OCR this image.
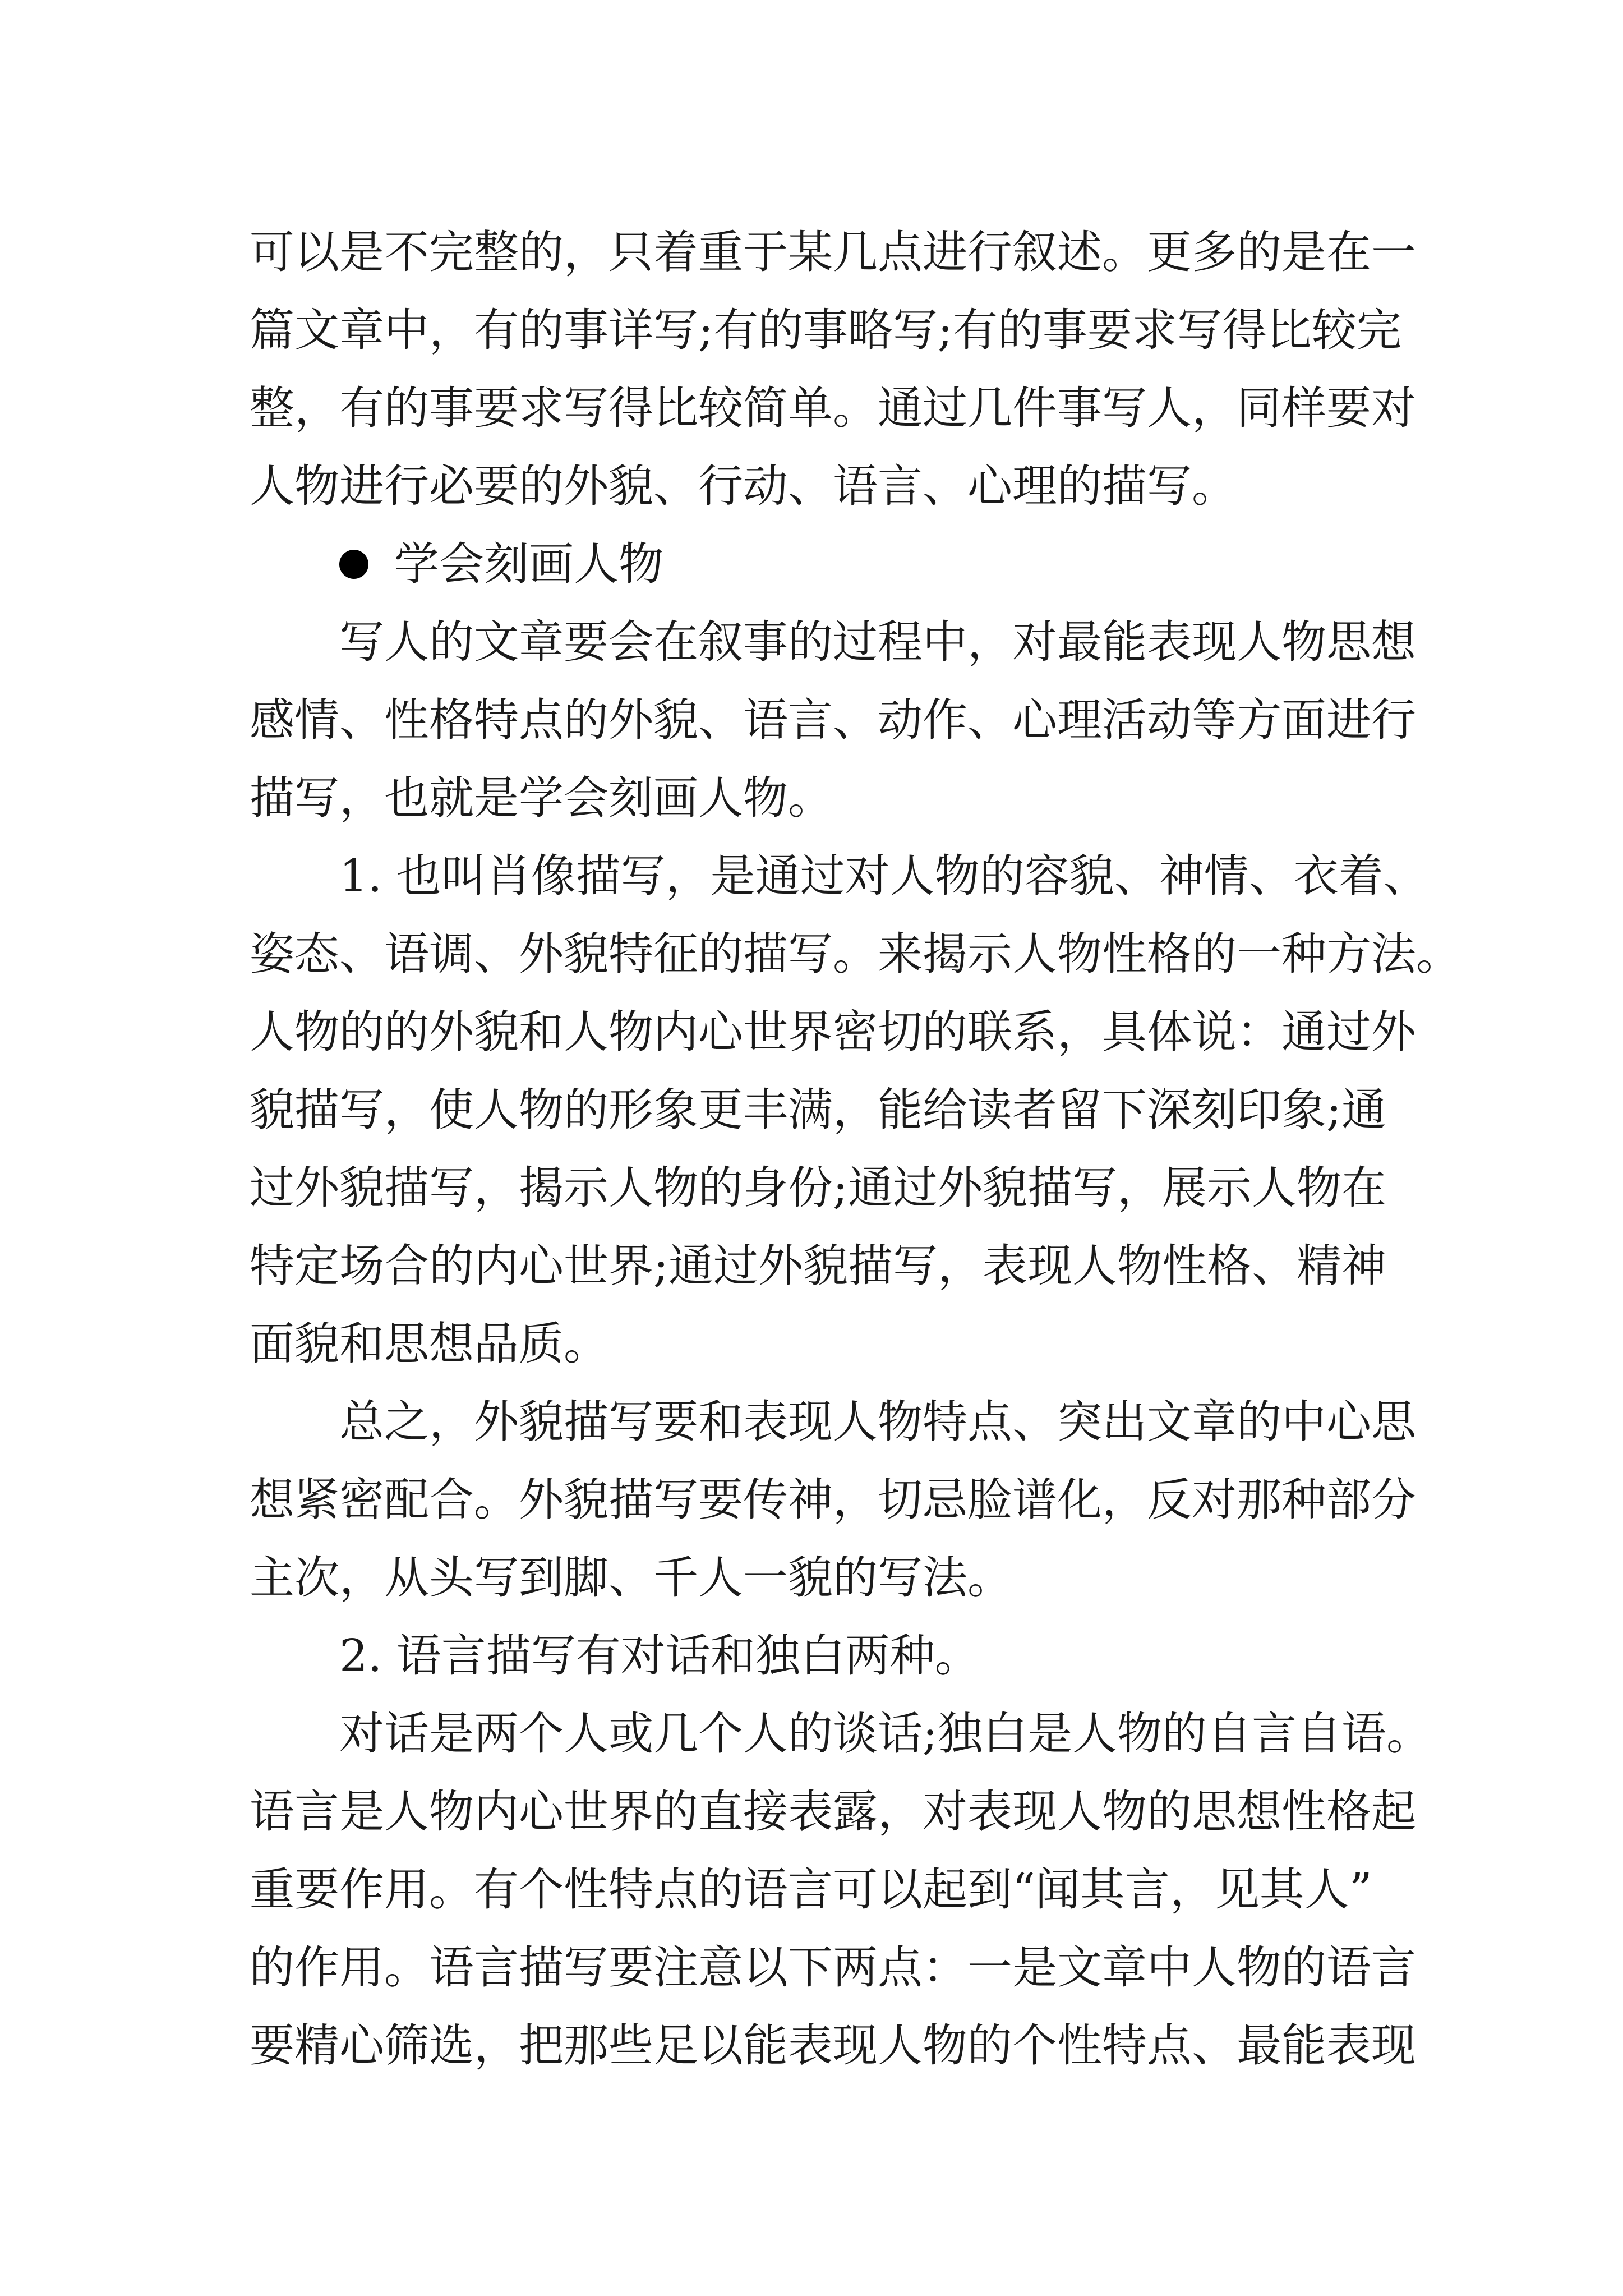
可以是不完整的，只着重于某几点进行叙述。更多的是在一

篇文章中，有的事详写;有的事略写;有的事要求写得比较完

整，有的事要求写得比较简单。通过几件事写人，同样要对

人物进行必要的外貌、行动、语言、心理的描写。

学会刻画人物

写人的文章要会在叙事的过程中，对最能表现人物思想

感情、性格特点的外貌、语言、动作、心理活动等方面进行

描写，也就是学会刻画人物。

1. 也叫肖像描写，是通过对人物的容貌、神情、衣着、

姿态、语调、外貌特征的描写。来揭示人物性格的一种方法。

人物的的外貌和人物内心世界密切的联系，具体说：通过外

貌描写，使人物的形象更丰满，能给读者留下深刻印象;通

过外貌描写，揭示人物的身份;通过外貌描写，展示人物在

特定场合的内心世界;通过外貌描写，表现人物性格、精神

面貌和思想品质。

总之，外貌描写要和表现人物特点、突出文章的中心思

想紧密配合。外貌描写要传神，切忌脸谱化，反对那种部分

主次，从头写到脚、千人一貌的写法。

2. 语言描写有对话和独白两种。

对话是两个人或几个人的谈话;独白是人物的自言自语。

语言是人物内心世界的直接表露，对表现人物的思想性格起

重要作用。有个性特点的语言可以起到“闻其言，见其人”

的作用。语言描写要注意以下两点：一是文章中人物的语言

要精心筛选，把那些足以能表现人物的个性特点、最能表现
